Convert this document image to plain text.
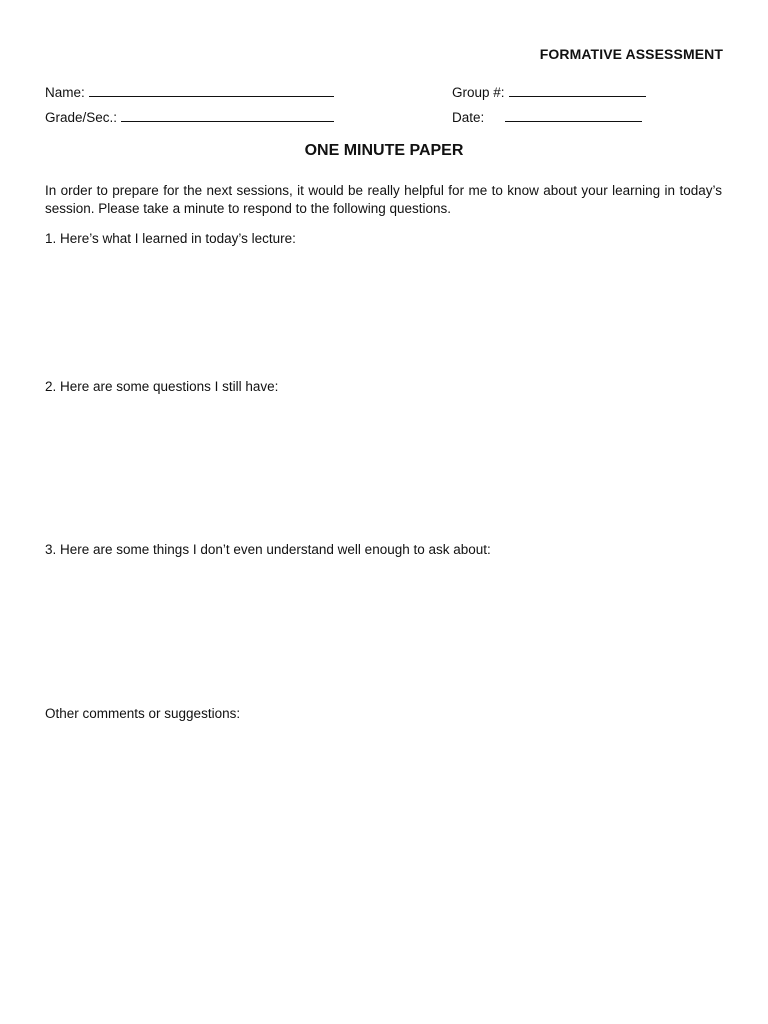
FORMATIVE ASSESSMENT
Name:	Group #:
Grade/Sec.:	Date:
ONE MINUTE PAPER
In order to prepare for the next sessions, it would be really helpful for me to know about your learning in today’s session. Please take a minute to respond to the following questions.
1. Here’s what I learned in today’s lecture:
2. Here are some questions I still have:
3. Here are some things I don’t even understand well enough to ask about:
Other comments or suggestions:
